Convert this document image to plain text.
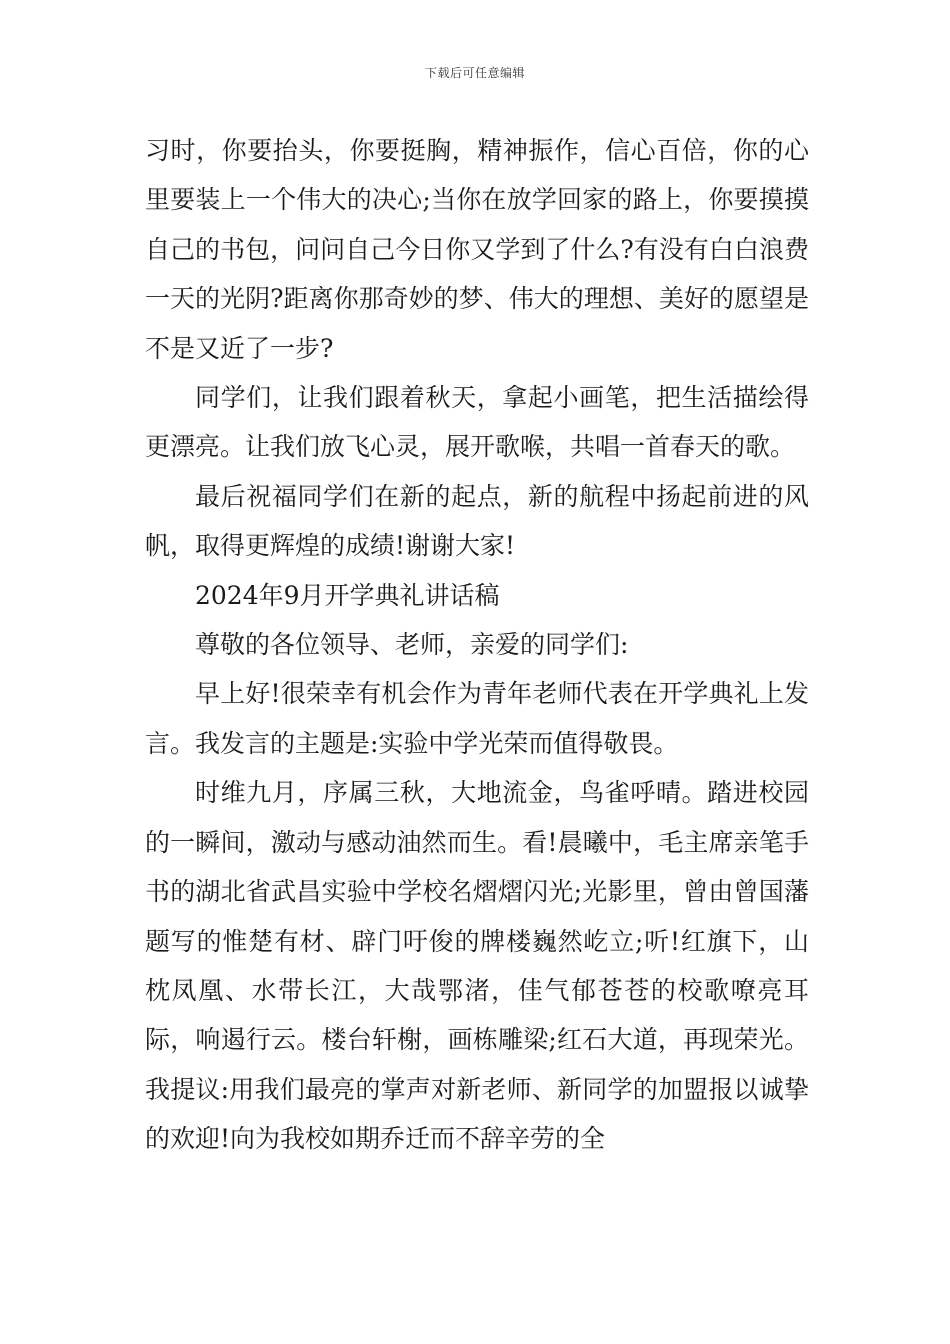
下载后可任意编辑

习时，你要抬头，你要挺胸，精神振作，信心百倍，你的心里要装上一个伟大的决心;当你在放学回家的路上，你要摸摸自己的书包，问问自己今日你又学到了什么?有没有白白浪费一天的光阴?距离你那奇妙的梦、伟大的理想、美好的愿望是不是又近了一步?

同学们，让我们跟着秋天，拿起小画笔，把生活描绘得更漂亮。让我们放飞心灵，展开歌喉，共唱一首春天的歌。

最后祝福同学们在新的起点，新的航程中扬起前进的风帆，取得更辉煌的成绩!谢谢大家!

2024年9月开学典礼讲话稿

尊敬的各位领导、老师，亲爱的同学们:

早上好!很荣幸有机会作为青年老师代表在开学典礼上发言。我发言的主题是:实验中学光荣而值得敬畏。

时维九月，序属三秋，大地流金，鸟雀呼晴。踏进校园的一瞬间，激动与感动油然而生。看!晨曦中，毛主席亲笔手书的湖北省武昌实验中学校名熠熠闪光;光影里，曾由曾国藩题写的惟楚有材、辟门吁俊的牌楼巍然屹立;听!红旗下，山枕凤凰、水带长江，大哉鄂渚，佳气郁苍苍的校歌嘹亮耳际，响遏行云。楼台轩榭，画栋雕梁;红石大道，再现荣光。我提议:用我们最亮的掌声对新老师、新同学的加盟报以诚挚的欢迎!向为我校如期乔迁而不辞辛劳的全
